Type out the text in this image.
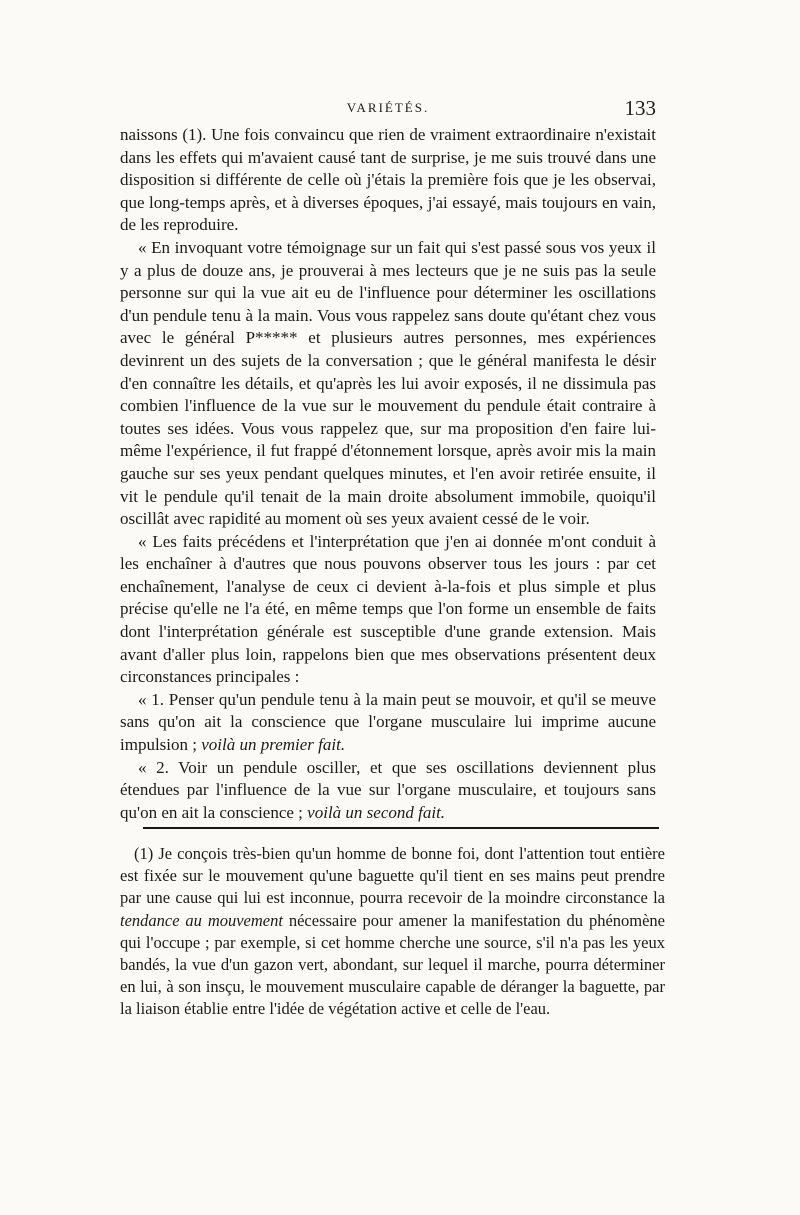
VARIÉTÉS.	133

naissons (1). Une fois convaincu que rien de vraiment extraordinaire n'existait dans les effets qui m'avaient causé tant de surprise, je me suis trouvé dans une disposition si différente de celle où j'étais la première fois que je les observai, que long-temps après, et à diverses époques, j'ai essayé, mais toujours en vain, de les reproduire.

« En invoquant votre témoignage sur un fait qui s'est passé sous vos yeux il y a plus de douze ans, je prouverai à mes lecteurs que je ne suis pas la seule personne sur qui la vue ait eu de l'influence pour déterminer les oscillations d'un pendule tenu à la main. Vous vous rappelez sans doute qu'étant chez vous avec le général P***** et plusieurs autres personnes, mes expériences devinrent un des sujets de la conversation ; que le général manifesta le désir d'en connaître les détails, et qu'après les lui avoir exposés, il ne dissimula pas combien l'influence de la vue sur le mouvement du pendule était contraire à toutes ses idées. Vous vous rappelez que, sur ma proposition d'en faire lui-même l'expérience, il fut frappé d'étonnement lorsque, après avoir mis la main gauche sur ses yeux pendant quelques minutes, et l'en avoir retirée ensuite, il vit le pendule qu'il tenait de la main droite absolument immobile, quoiqu'il oscillât avec rapidité au moment où ses yeux avaient cessé de le voir.

« Les faits précédens et l'interprétation que j'en ai donnée m'ont conduit à les enchaîner à d'autres que nous pouvons observer tous les jours : par cet enchaînement, l'analyse de ceux ci devient à-la-fois et plus simple et plus précise qu'elle ne l'a été, en même temps que l'on forme un ensemble de faits dont l'interprétation générale est susceptible d'une grande extension. Mais avant d'aller plus loin, rappelons bien que mes observations présentent deux circonstances principales :

« 1. Penser qu'un pendule tenu à la main peut se mouvoir, et qu'il se meuve sans qu'on ait la conscience que l'organe musculaire lui imprime aucune impulsion ; voilà un premier fait.

« 2. Voir un pendule osciller, et que ses oscillations deviennent plus étendues par l'influence de la vue sur l'organe musculaire, et toujours sans qu'on en ait la conscience ; voilà un second fait.

(1) Je conçois très-bien qu'un homme de bonne foi, dont l'attention tout entière est fixée sur le mouvement qu'une baguette qu'il tient en ses mains peut prendre par une cause qui lui est inconnue, pourra recevoir de la moindre circonstance la tendance au mouvement nécessaire pour amener la manifestation du phénomène qui l'occupe ; par exemple, si cet homme cherche une source, s'il n'a pas les yeux bandés, la vue d'un gazon vert, abondant, sur lequel il marche, pourra déterminer en lui, à son insçu, le mouvement musculaire capable de déranger la baguette, par la liaison établie entre l'idée de végétation active et celle de l'eau.
